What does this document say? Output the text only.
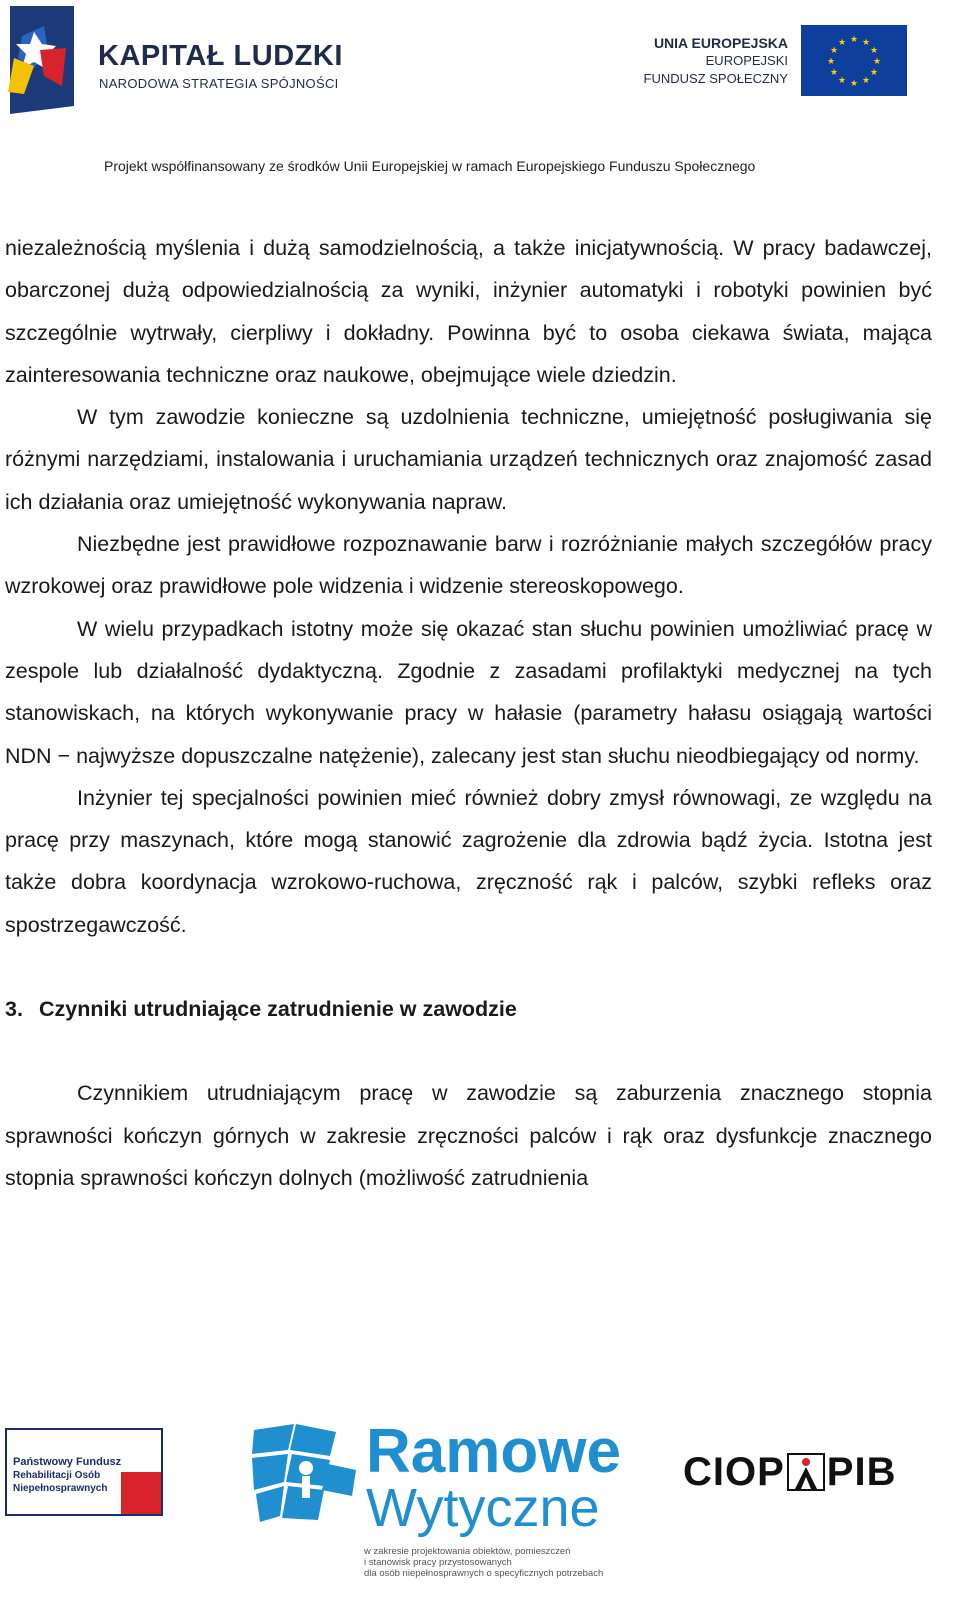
KAPITAŁ LUDZKI
NARODOWA STRATEGIA SPÓJNOŚCI
UNIA EUROPEJSKA
EUROPEJSKI
FUNDUSZ SPOŁECZNY
★ ★
★
★
★
★
★
★
★
★
★
★
Projekt współfinansowany ze środków Unii Europejskiej w ramach Europejskiego Funduszu Społecznego

niezależnością myślenia i dużą samodzielnością, a także inicjatywnością. W pracy badawczej, obarczonej dużą odpowiedzialnością za wyniki, inżynier automatyki i robotyki powinien być szczególnie wytrwały, cierpliwy i dokładny. Powinna być to osoba ciekawa świata, mająca zainteresowania techniczne oraz naukowe, obejmujące wiele dziedzin.

W tym zawodzie konieczne są uzdolnienia techniczne, umiejętność posługiwania się różnymi narzędziami, instalowania i uruchamiania urządzeń technicznych oraz znajomość zasad ich działania oraz umiejętność wykonywania napraw.

Niezbędne jest prawidłowe rozpoznawanie barw i rozróżnianie małych szczegółów pracy wzrokowej oraz prawidłowe pole widzenia i widzenie stereoskopowego.

W wielu przypadkach istotny może się okazać stan słuchu powinien umożliwiać pracę w zespole lub działalność dydaktyczną. Zgodnie z zasadami profilaktyki medycznej na tych stanowiskach, na których wykonywanie pracy w hałasie (parametry hałasu osiągają wartości NDN − najwyższe dopuszczalne natężenie), zalecany jest stan słuchu nieodbiegający od normy.

Inżynier tej specjalności powinien mieć również dobry zmysł równowagi, ze względu na pracę przy maszynach, które mogą stanowić zagrożenie dla zdrowia bądź życia. Istotna jest także dobra koordynacja wzrokowo-ruchowa, zręczność rąk i palców, szybki refleks oraz spostrzegawczość.

3. Czynniki utrudniające zatrudnienie w zawodzie

Czynnikiem utrudniającym pracę w zawodzie są zaburzenia znacznego stopnia sprawności kończyn górnych w zakresie zręczności palców i rąk oraz dysfunkcje znacznego stopnia sprawności kończyn dolnych (możliwość zatrudnienia

Państwowy Fundusz
Rehabilitacji Osób
Niepełnosprawnych
Ramowe
Wytyczne
w zakresie projektowania obiektów, pomieszczeń
i stanowisk pracy przystosowanych
dla osób niepełnosprawnych o specyficznych potrzebach
CIOP PIB
